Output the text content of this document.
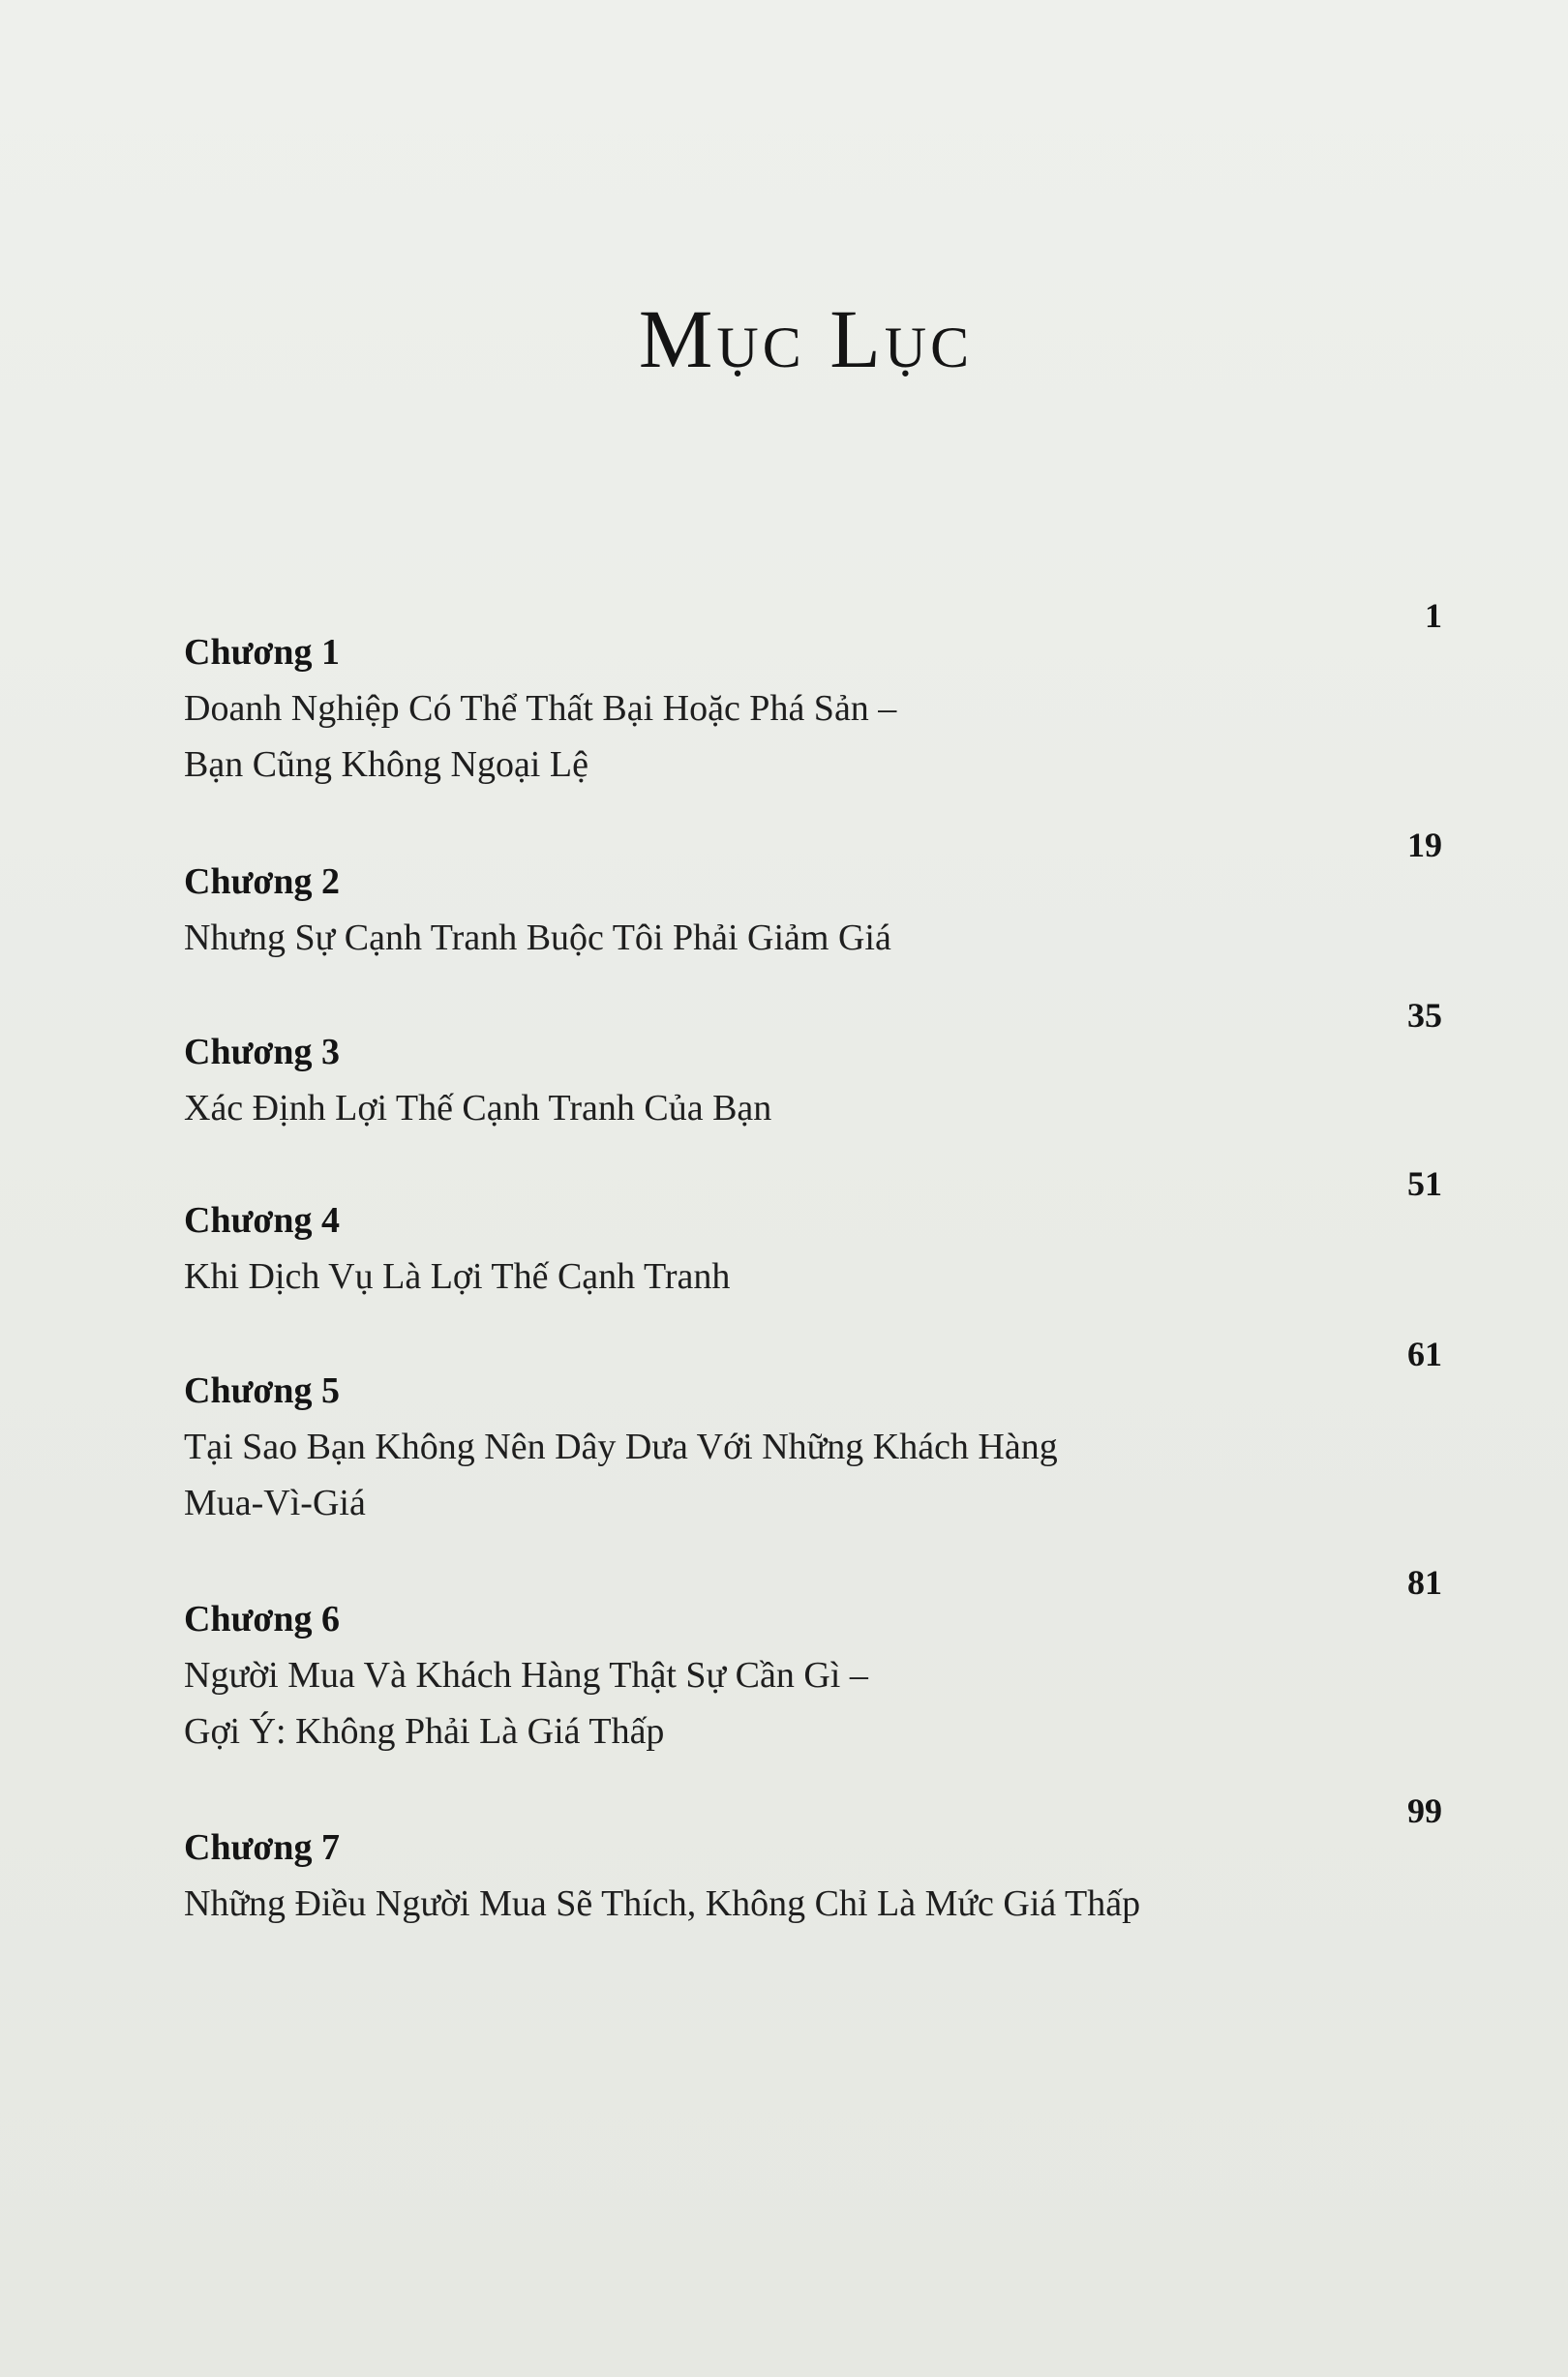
Mục Lục
Chương 1
1
Doanh Nghiệp Có Thể Thất Bại Hoặc Phá Sản –
Bạn Cũng Không Ngoại Lệ
Chương 2
19
Nhưng Sự Cạnh Tranh Buộc Tôi Phải Giảm Giá
Chương 3
35
Xác Định Lợi Thế Cạnh Tranh Của Bạn
Chương 4
51
Khi Dịch Vụ Là Lợi Thế Cạnh Tranh
Chương 5
61
Tại Sao Bạn Không Nên Dây Dưa Với Những Khách Hàng
Mua-Vì-Giá
Chương 6
81
Người Mua Và Khách Hàng Thật Sự Cần Gì –
Gợi Ý: Không Phải Là Giá Thấp
Chương 7
99
Những Điều Người Mua Sẽ Thích, Không Chỉ Là Mức Giá Thấp
